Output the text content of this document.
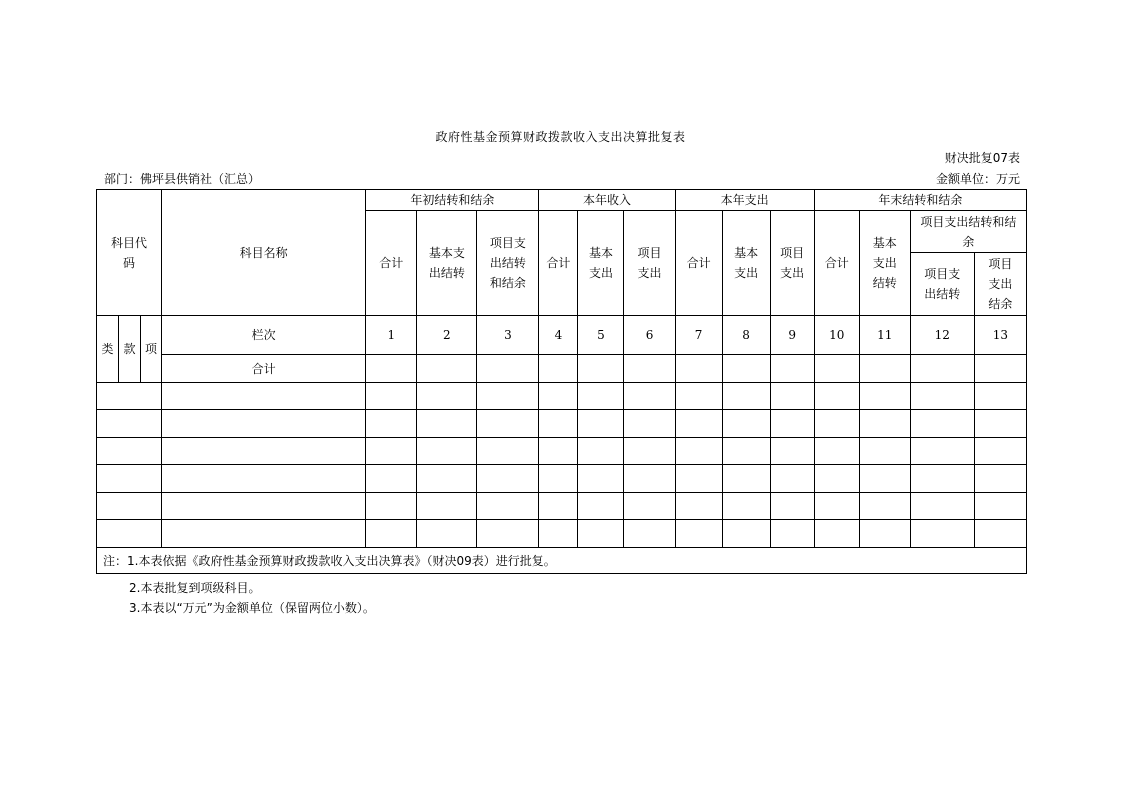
政府性基金预算财政拨款收入支出决算批复表
财决批复07表
部门：佛坪县供销社（汇总）	金额单位：万元
科目代码			科目名称	年初结转和结余			本年收入			本年支出			年末结转和结余			
				合计	基本支出结转	项目支出结转和结余	合计	基本支出	项目支出	合计	基本支出	项目支出	合计	基本支出结转	项目支出结转和结余	

															项目支出结转	项目支出结余

类	款	项	栏次	1	2	3	4	5	6	7	8	9	10	11	12	13
			合计													

注：1.本表依据《政府性基金预算财政拨款收入支出决算表》（财决09表）进行批复。																
2.本表批复到项级科目。
3.本表以“万元”为金额单位（保留两位小数）。
